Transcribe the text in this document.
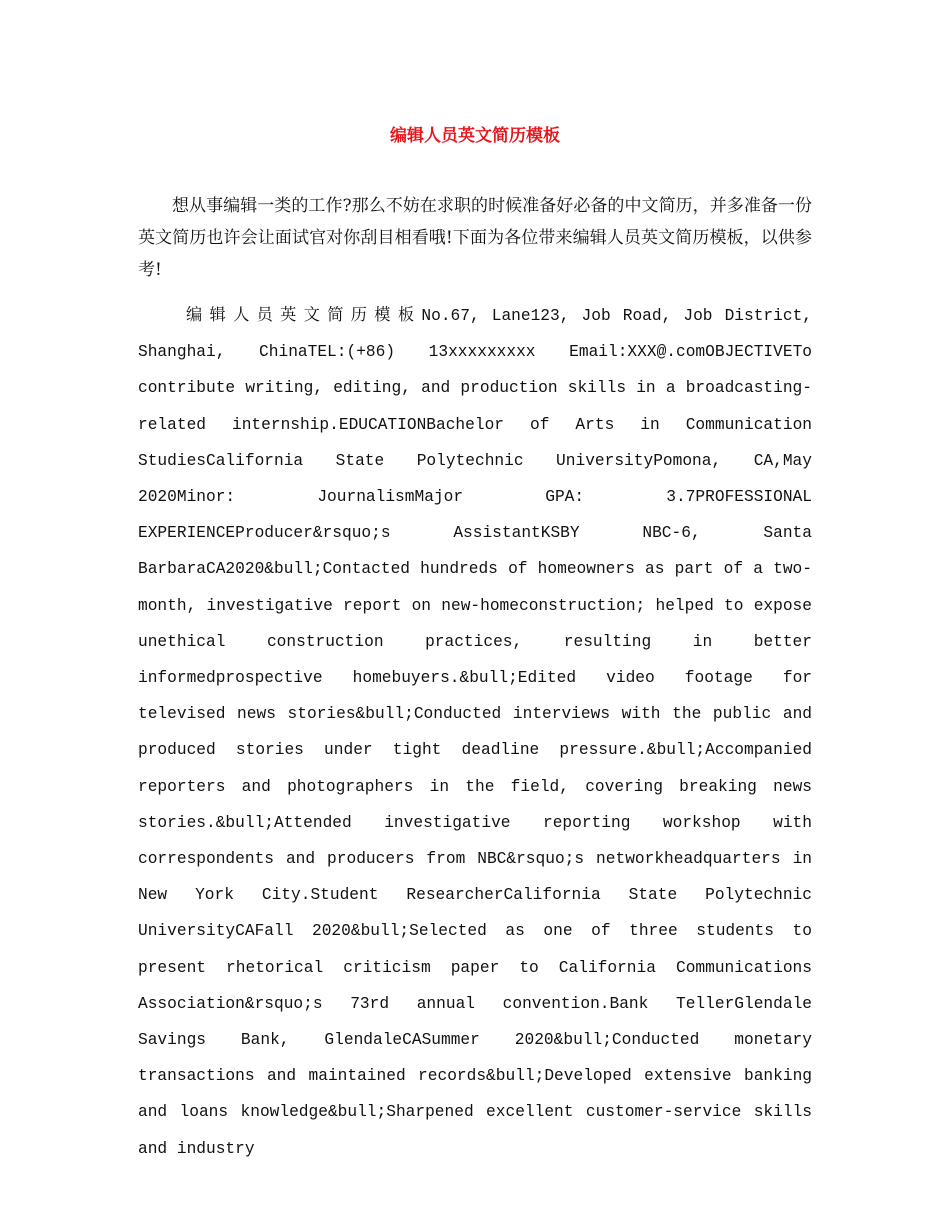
编辑人员英文简历模板

想从事编辑一类的工作?那么不妨在求职的时候准备好必备的中文简历，并多准备一份英文简历也许会让面试官对你刮目相看哦!下面为各位带来编辑人员英文简历模板，以供参考!

编辑人员英文简历模板No.67, Lane123, Job Road, Job District, Shanghai, ChinaTEL:(+86) 13xxxxxxxxx Email:XXX@.comOBJECTIVETo contribute writing, editing, and production skills in a broadcasting-related internship.EDUCATIONBachelor of Arts in Communication StudiesCalifornia State Polytechnic UniversityPomona, CA,May 2020Minor: JournalismMajor GPA: 3.7PROFESSIONAL EXPERIENCEProducer&rsquo;s AssistantKSBY NBC-6, Santa BarbaraCA2020&bull;Contacted hundreds of homeowners as part of a two-month, investigative report on new-homeconstruction; helped to expose unethical construction practices, resulting in better informedprospective homebuyers.&bull;Edited video footage for televised news stories&bull;Conducted interviews with the public and produced stories under tight deadline pressure.&bull;Accompanied reporters and photographers in the field, covering breaking news stories.&bull;Attended investigative reporting workshop with correspondents and producers from NBC&rsquo;s networkheadquarters in New York City.Student ResearcherCalifornia State Polytechnic UniversityCAFall 2020&bull;Selected as one of three students to present rhetorical criticism paper to California Communications Association&rsquo;s 73rd annual convention.Bank TellerGlendale Savings Bank, GlendaleCASummer 2020&bull;Conducted monetary transactions and maintained records&bull;Developed extensive banking and loans knowledge&bull;Sharpened excellent customer-service skills and industry
